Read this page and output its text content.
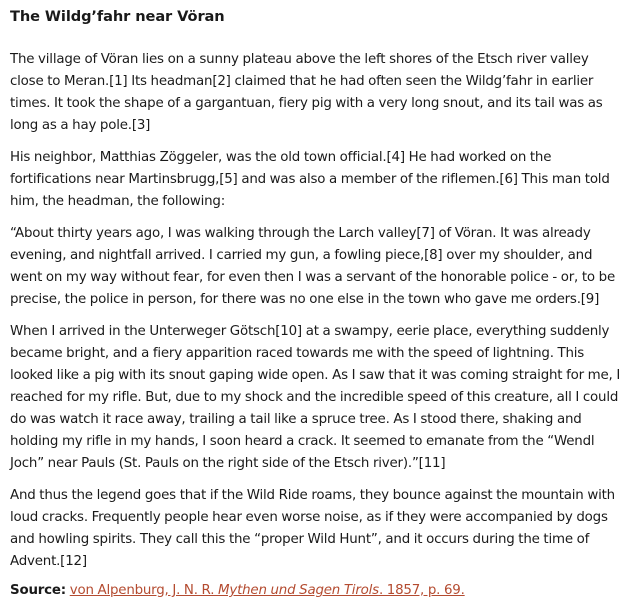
The Wildg’fahr near Vöran

The village of Vöran lies on a sunny plateau above the left shores of the Etsch river valley close to Meran.[1] Its headman[2] claimed that he had often seen the Wildg’fahr in earlier times. It took the shape of a gargantuan, fiery pig with a very long snout, and its tail was as long as a hay pole.[3]

His neighbor, Matthias Zöggeler, was the old town official.[4] He had worked on the fortifications near Martinsbrugg,[5] and was also a member of the riflemen.[6] This man told him, the headman, the following:

“About thirty years ago, I was walking through the Larch valley[7] of Vöran. It was already evening, and nightfall arrived. I carried my gun, a fowling piece,[8] over my shoulder, and went on my way without fear, for even then I was a servant of the honorable police - or, to be precise, the police in person, for there was no one else in the town who gave me orders.[9]

When I arrived in the Unterweger Götsch[10] at a swampy, eerie place, everything suddenly became bright, and a fiery apparition raced towards me with the speed of lightning. This looked like a pig with its snout gaping wide open. As I saw that it was coming straight for me, I reached for my rifle. But, due to my shock and the incredible speed of this creature, all I could do was watch it race away, trailing a tail like a spruce tree. As I stood there, shaking and holding my rifle in my hands, I soon heard a crack. It seemed to emanate from the “Wendl Joch” near Pauls (St. Pauls on the right side of the Etsch river).”[11]

And thus the legend goes that if the Wild Ride roams, they bounce against the mountain with loud cracks. Frequently people hear even worse noise, as if they were accompanied by dogs and howling spirits. They call this the “proper Wild Hunt”, and it occurs during the time of Advent.[12]

Source: von Alpenburg, J. N. R. Mythen und Sagen Tirols. 1857, p. 69.
